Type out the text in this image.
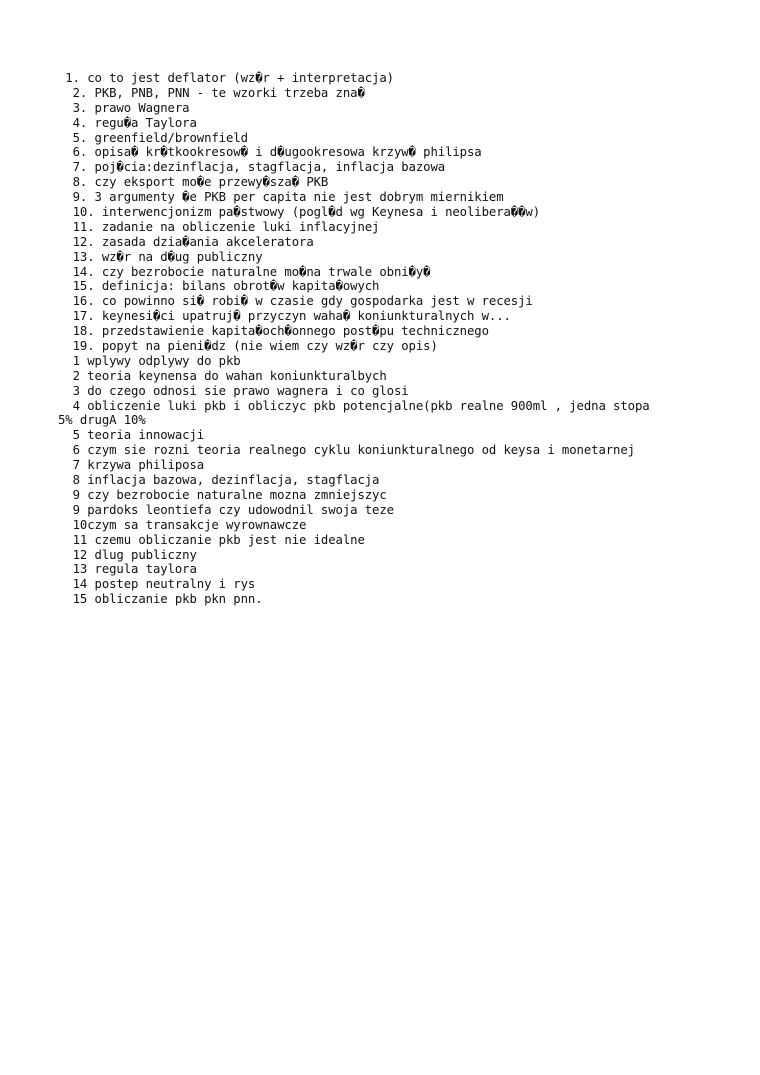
1. co to jest deflator (wz�r + interpretacja)
2. PKB, PNB, PNN - te wzorki trzeba zna�
3. prawo Wagnera
4. regu�a Taylora
5. greenfield/brownfield
6. opisa� kr�tkookresow� i d�ugookresowa krzyw� philipsa
7. poj�cia:dezinflacja, stagflacja, inflacja bazowa
8. czy eksport mo�e przewy�sza� PKB
9. 3 argumenty �e PKB per capita nie jest dobrym miernikiem
10. interwencjonizm pa�stwowy (pogl�d wg Keynesa i neolibera��w)
11. zadanie na obliczenie luki inflacyjnej
12. zasada dzia�ania akceleratora
13. wz�r na d�ug publiczny
14. czy bezrobocie naturalne mo�na trwale obni�y�
15. definicja: bilans obrot�w kapita�owych
16. co powinno si� robi� w czasie gdy gospodarka jest w recesji
17. keynesi�ci upatruj� przyczyn waha� koniunkturalnych w...
18. przedstawienie kapita�och�onnego post�pu technicznego
19. popyt na pieni�dz (nie wiem czy wz�r czy opis)
1 wplywy odplywy do pkb
2 teoria keynensa do wahan koniunkturalbych
3 do czego odnosi sie prawo wagnera i co glosi
4 obliczenie luki pkb i obliczyc pkb potencjalne(pkb realne 900ml , jedna stopa
5% drugA 10%
5 teoria innowacji
6 czym sie rozni teoria realnego cyklu koniunkturalnego od keysa i monetarnej
7 krzywa philiposa
8 inflacja bazowa, dezinflacja, stagflacja
9 czy bezrobocie naturalne mozna zmniejszyc
9 pardoks leontiefa czy udowodnil swoja teze
10czym sa transakcje wyrownawcze
11 czemu obliczanie pkb jest nie idealne
12 dlug publiczny
13 regula taylora
14 postep neutralny i rys
15 obliczanie pkb pkn pnn.
